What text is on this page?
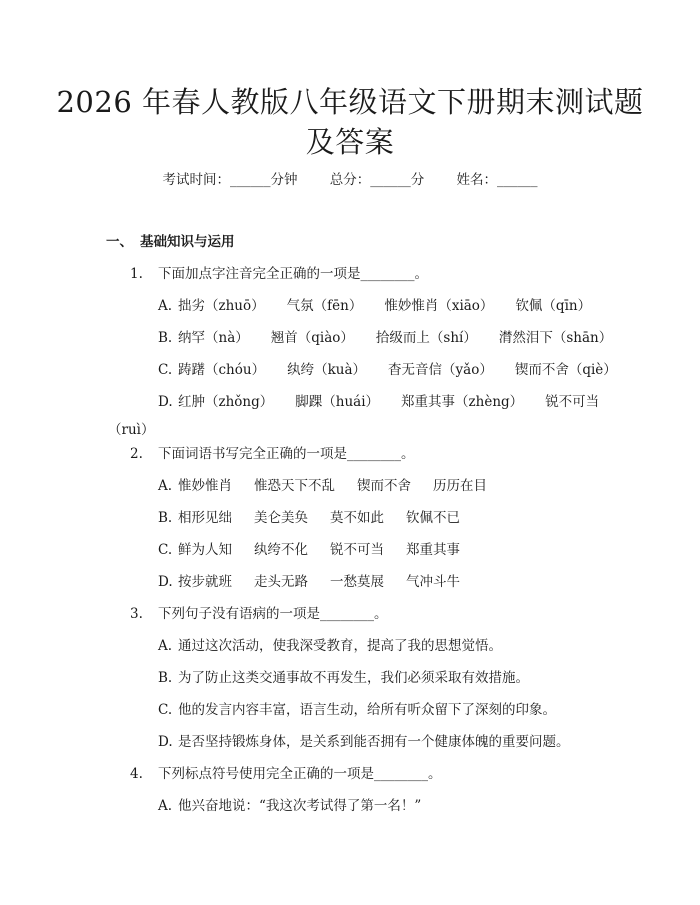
2026 年春人教版八年级语文下册期末测试题
及答案
考试时间：______分钟 总分：______分 姓名：______
一、 基础知识与运用
1. 下面加点字注音完全正确的一项是________。
A. 拙劣（zhuō） 气氛（fēn） 惟妙惟肖（xiāo） 钦佩（qīn）
B. 纳罕（nà） 翘首（qiào） 拾级而上（shí） 潸然泪下（shān）
C. 踌躇（chóu） 纨绔（kuà） 杳无音信（yǎo） 锲而不舍（qiè）
D. 红肿（zhǒng） 脚踝（huái） 郑重其事（zhèng） 锐不可当
（ruì）
2. 下面词语书写完全正确的一项是________。
A. 惟妙惟肖 惟恐天下不乱 锲而不舍 历历在目
B. 相形见绌 美仑美奂 莫不如此 钦佩不已
C. 鲜为人知 纨绔不化 锐不可当 郑重其事
D. 按步就班 走头无路 一愁莫展 气冲斗牛
3. 下列句子没有语病的一项是________。
A. 通过这次活动，使我深受教育，提高了我的思想觉悟。
B. 为了防止这类交通事故不再发生，我们必须采取有效措施。
C. 他的发言内容丰富，语言生动，给所有听众留下了深刻的印象。
D. 是否坚持锻炼身体，是关系到能否拥有一个健康体魄的重要问题。
4. 下列标点符号使用完全正确的一项是________。
A. 他兴奋地说：“我这次考试得了第一名！”
